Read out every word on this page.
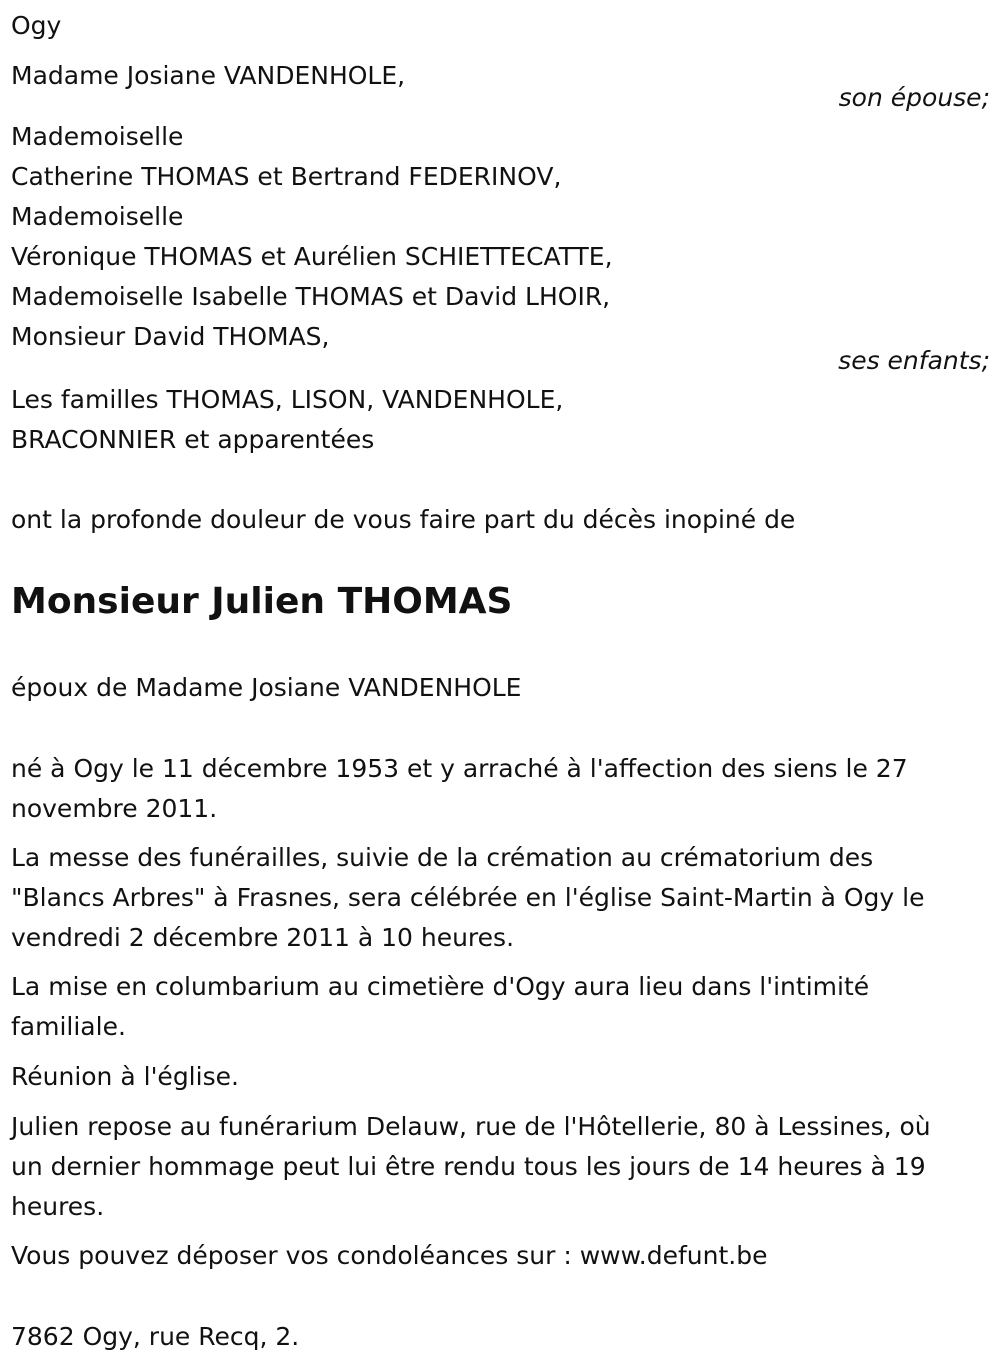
Ogy
Madame Josiane VANDENHOLE,
son épouse;
Mademoiselle
Catherine THOMAS et Bertrand FEDERINOV,
Mademoiselle
Véronique THOMAS et Aurélien SCHIETTECATTE,
Mademoiselle Isabelle THOMAS et David LHOIR,
Monsieur David THOMAS,
ses enfants;
Les familles THOMAS, LISON, VANDENHOLE,
BRACONNIER et apparentées
ont la profonde douleur de vous faire part du décès inopiné de
Monsieur Julien THOMAS
époux de Madame Josiane VANDENHOLE
né à Ogy le 11 décembre 1953 et y arraché à l'affection des siens le 27
novembre 2011.
La messe des funérailles, suivie de la crémation au crématorium des
"Blancs Arbres" à Frasnes, sera célébrée en l'église Saint-Martin à Ogy le
vendredi 2 décembre 2011 à 10 heures.
La mise en columbarium au cimetière d'Ogy aura lieu dans l'intimité
familiale.
Réunion à l'église.
Julien repose au funérarium Delauw, rue de l'Hôtellerie, 80 à Lessines, où
un dernier hommage peut lui être rendu tous les jours de 14 heures à 19
heures.
Vous pouvez déposer vos condoléances sur : www.defunt.be
7862 Ogy, rue Recq, 2.
